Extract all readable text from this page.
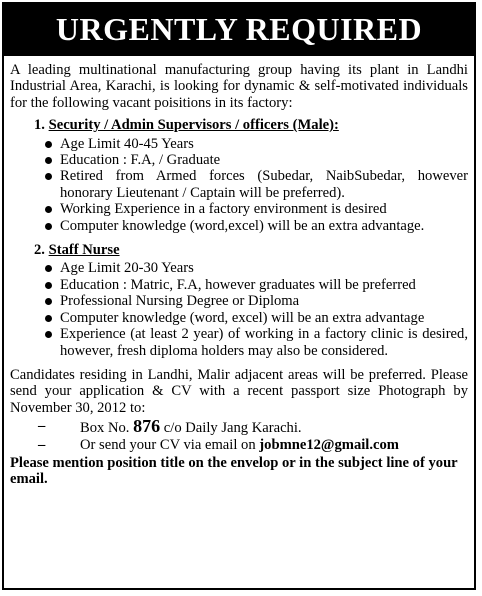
URGENTLY REQUIRED

A leading multinational manufacturing group having its plant in Landhi Industrial Area, Karachi, is looking for dynamic & self-motivated individuals for the following vacant poisitions in its factory:

1. Security / Admin Supervisors / officers (Male):
Age Limit 40-45 Years
Education : F.A, / Graduate
Retired from Armed forces (Subedar, NaibSubedar, however honorary Lieutenant / Captain will be preferred).
Working Experience in a factory environment is desired
Computer knowledge (word,excel) will be an extra advantage.
2. Staff Nurse
Age Limit 20-30 Years
Education : Matric, F.A, however graduates will be preferred
Professional Nursing Degree or Diploma
Computer knowledge (word, excel) will be an extra advantage
Experience (at least 2 year) of working in a factory clinic is desired, however, fresh diploma holders may also be considered.

Candidates residing in Landhi, Malir adjacent areas will be preferred. Please send your application & CV with a recent passport size Photograph by November 30, 2012 to:

– Box No. 876 c/o Daily Jang Karachi.

– Or send your CV via email on jobmne12@gmail.com

Please mention position title on the envelop or in the subject line of your email.
